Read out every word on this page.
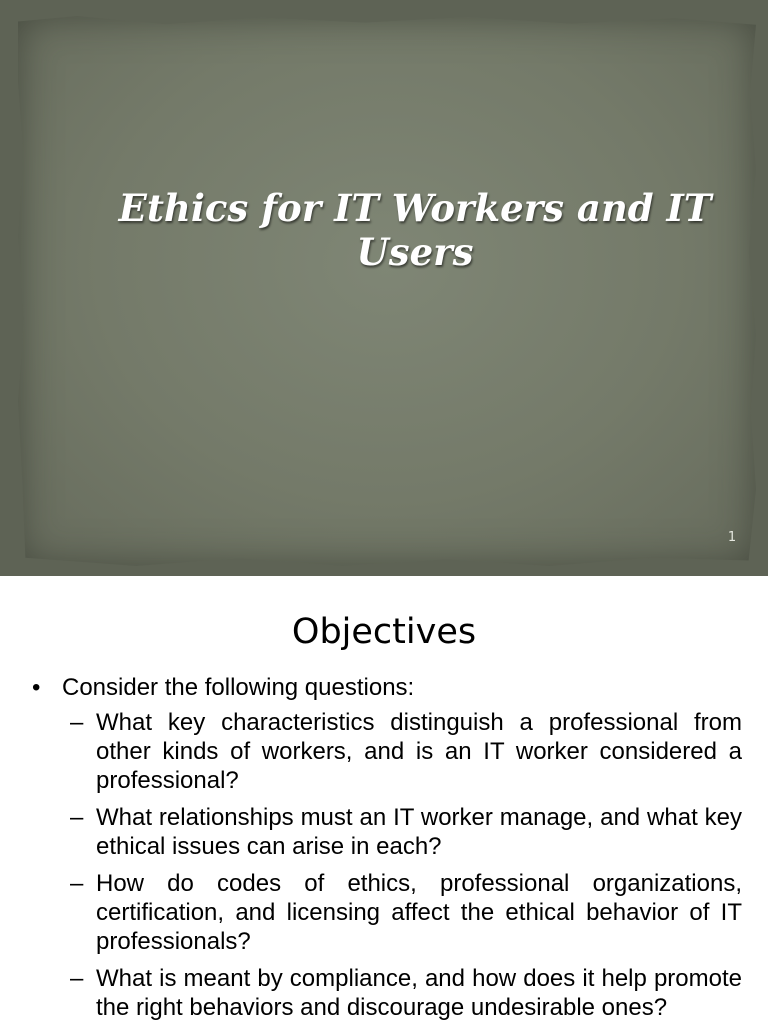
Ethics for IT Workers and IT Users
1
Objectives
• Consider the following questions:
– What key characteristics distinguish a professional from other kinds of workers, and is an IT worker considered a professional?
– What relationships must an IT worker manage, and what key ethical issues can arise in each?
– How do codes of ethics, professional organizations, certification, and licensing affect the ethical behavior of IT professionals?
– What is meant by compliance, and how does it help promote the right behaviors and discourage undesirable ones?
